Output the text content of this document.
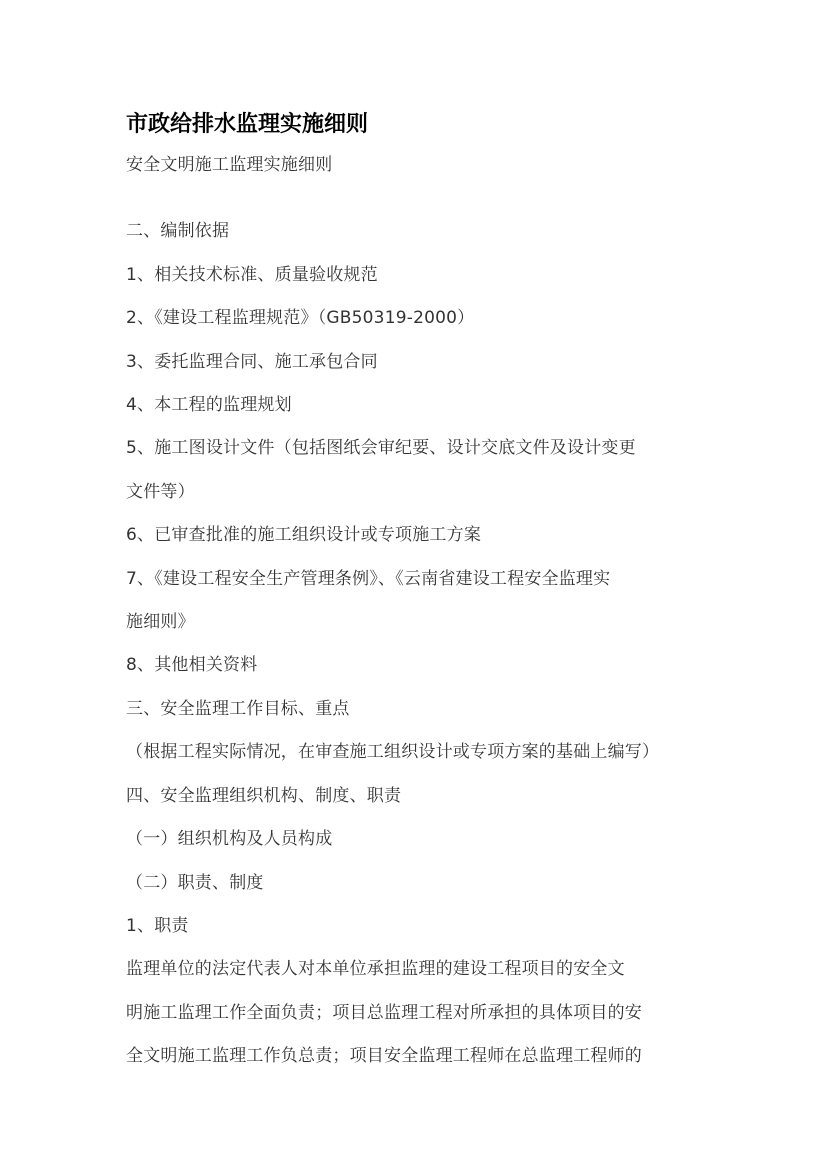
市政给排水监理实施细则

安全文明施工监理实施细则

二、编制依据

1、相关技术标准、质量验收规范

2、《建设工程监理规范》（GB50319-2000）

3、委托监理合同、施工承包合同

4、本工程的监理规划

5、施工图设计文件（包括图纸会审纪要、设计交底文件及设计变更

文件等）

6、已审查批准的施工组织设计或专项施工方案

7、《建设工程安全生产管理条例》、《云南省建设工程安全监理实

施细则》

8、其他相关资料

三、安全监理工作目标、重点

（根据工程实际情况，在审查施工组织设计或专项方案的基础上编写）

四、安全监理组织机构、制度、职责

（一）组织机构及人员构成

（二）职责、制度

1、职责

监理单位的法定代表人对本单位承担监理的建设工程项目的安全文

明施工监理工作全面负责；项目总监理工程对所承担的具体项目的安

全文明施工监理工作负总责；项目安全监理工程师在总监理工程师的
